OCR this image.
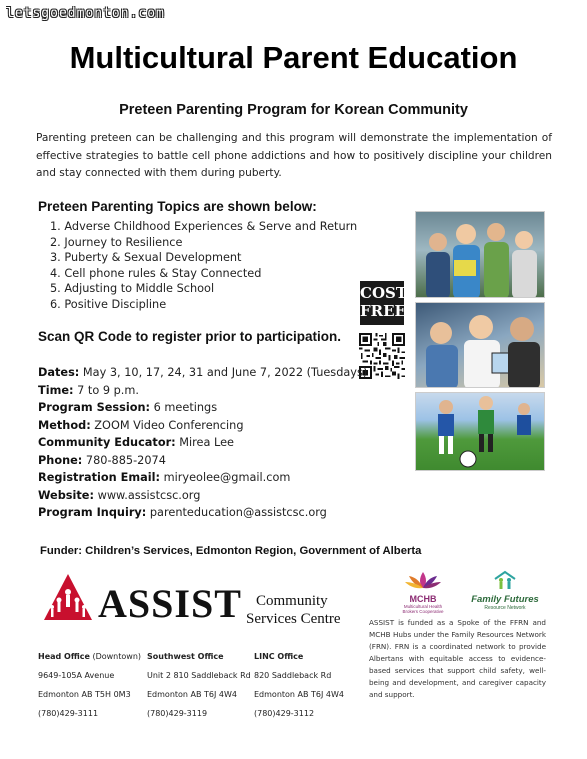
letsgoedmonton.com
Multicultural Parent Education
Preteen Parenting Program for Korean Community

Parenting preteen can be challenging and this program will demonstrate the implementation of effective strategies to battle cell phone addictions and how to positively discipline your children and stay connected with them during puberty.

Preteen Parenting Topics are shown below:
1. Adverse Childhood Experiences & Serve and Return
2. Journey to Resilience
3. Puberty & Sexual Development
4. Cell phone rules & Stay Connected
5. Adjusting to Middle School
6. Positive Discipline
COST
FREE
Scan QR Code to register prior to participation.
Dates: May 3, 10, 17, 24, 31 and June 7, 2022 (Tuesdays)
Time: 7 to 9 p.m.
Program Session: 6 meetings
Method: ZOOM Video Conferencing
Community Educator: Mirea Lee
Phone: 780-885-2074
Registration Email: miryeolee@gmail.com
Website: www.assistcsc.org
Program Inquiry: parenteducation@assistcsc.org
Funder: Children’s Services, Edmonton Region, Government of Alberta
ASSIST Community
Services Centre
Head Office (Downtown)
9649-105A Avenue
Edmonton AB T5H 0M3
(780)429-3111
Southwest Office
Unit 2 810 Saddleback Rd
Edmonton AB T6J 4W4
(780)429-3119
LINC Office
820 Saddleback Rd
Edmonton AB T6J 4W4
(780)429-3112
MCHB
Multicultural Health
Brokers Cooperative
Family Futures
Resource Network

ASSIST is funded as a Spoke of the FFRN and MCHB Hubs under the Family Resources Network (FRN). FRN is a coordinated network to provide Albertans with equitable access to evidence-based services that support child safety, well-being and development, and caregiver capacity and support.
